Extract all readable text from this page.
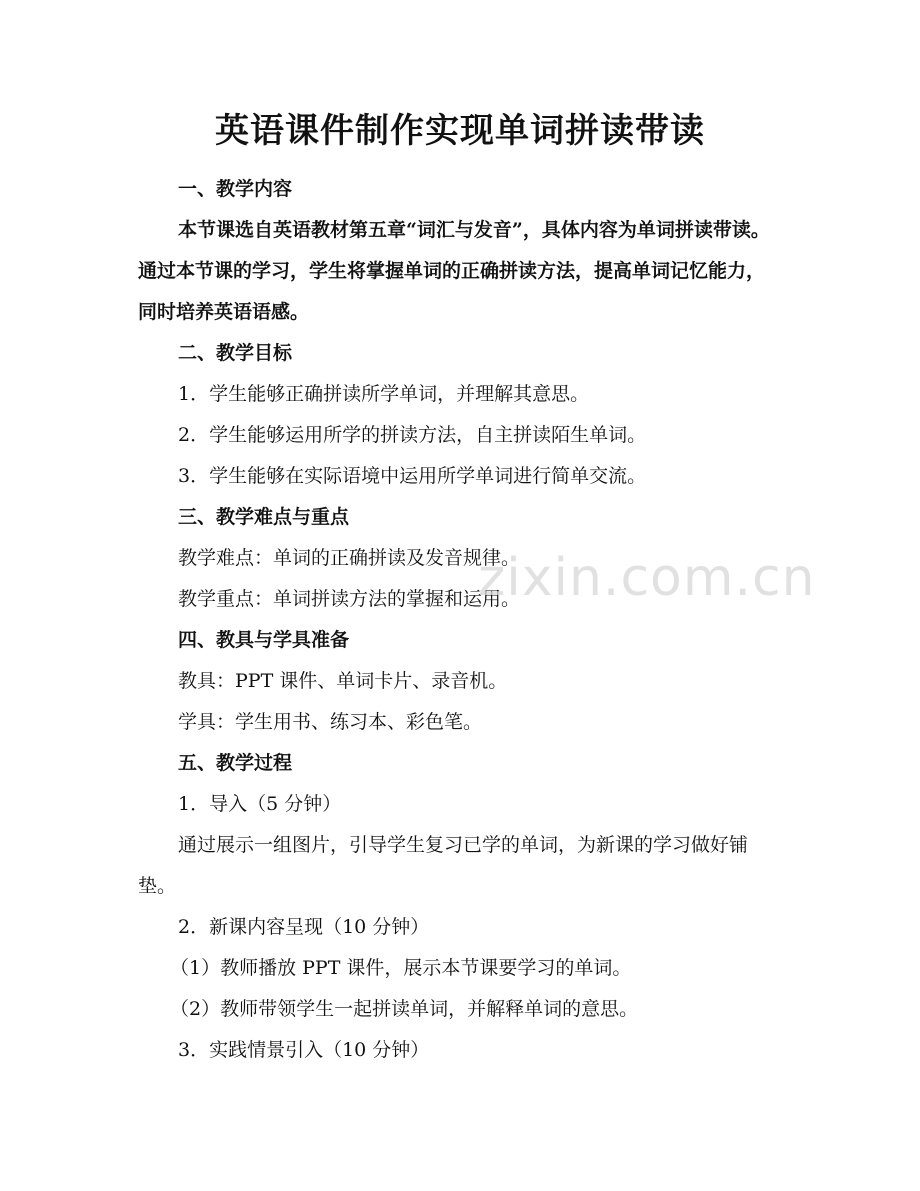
英语课件制作实现单词拼读带读

一、教学内容

本节课选自英语教材第五章“词汇与发音”，具体内容为单词拼读带读。通过本节课的学习，学生将掌握单词的正确拼读方法，提高单词记忆能力，同时培养英语语感。

二、教学目标

1．学生能够正确拼读所学单词，并理解其意思。

2．学生能够运用所学的拼读方法，自主拼读陌生单词。

3．学生能够在实际语境中运用所学单词进行简单交流。

三、教学难点与重点

教学难点：单词的正确拼读及发音规律。

教学重点：单词拼读方法的掌握和运用。

四、教具与学具准备

教具：PPT 课件、单词卡片、录音机。

学具：学生用书、练习本、彩色笔。

五、教学过程

1．导入（5 分钟）

通过展示一组图片，引导学生复习已学的单词，为新课的学习做好铺垫。

2．新课内容呈现（10 分钟）

（1）教师播放 PPT 课件，展示本节课要学习的单词。

（2）教师带领学生一起拼读单词，并解释单词的意思。

3．实践情景引入（10 分钟）

zixin.com.cn
